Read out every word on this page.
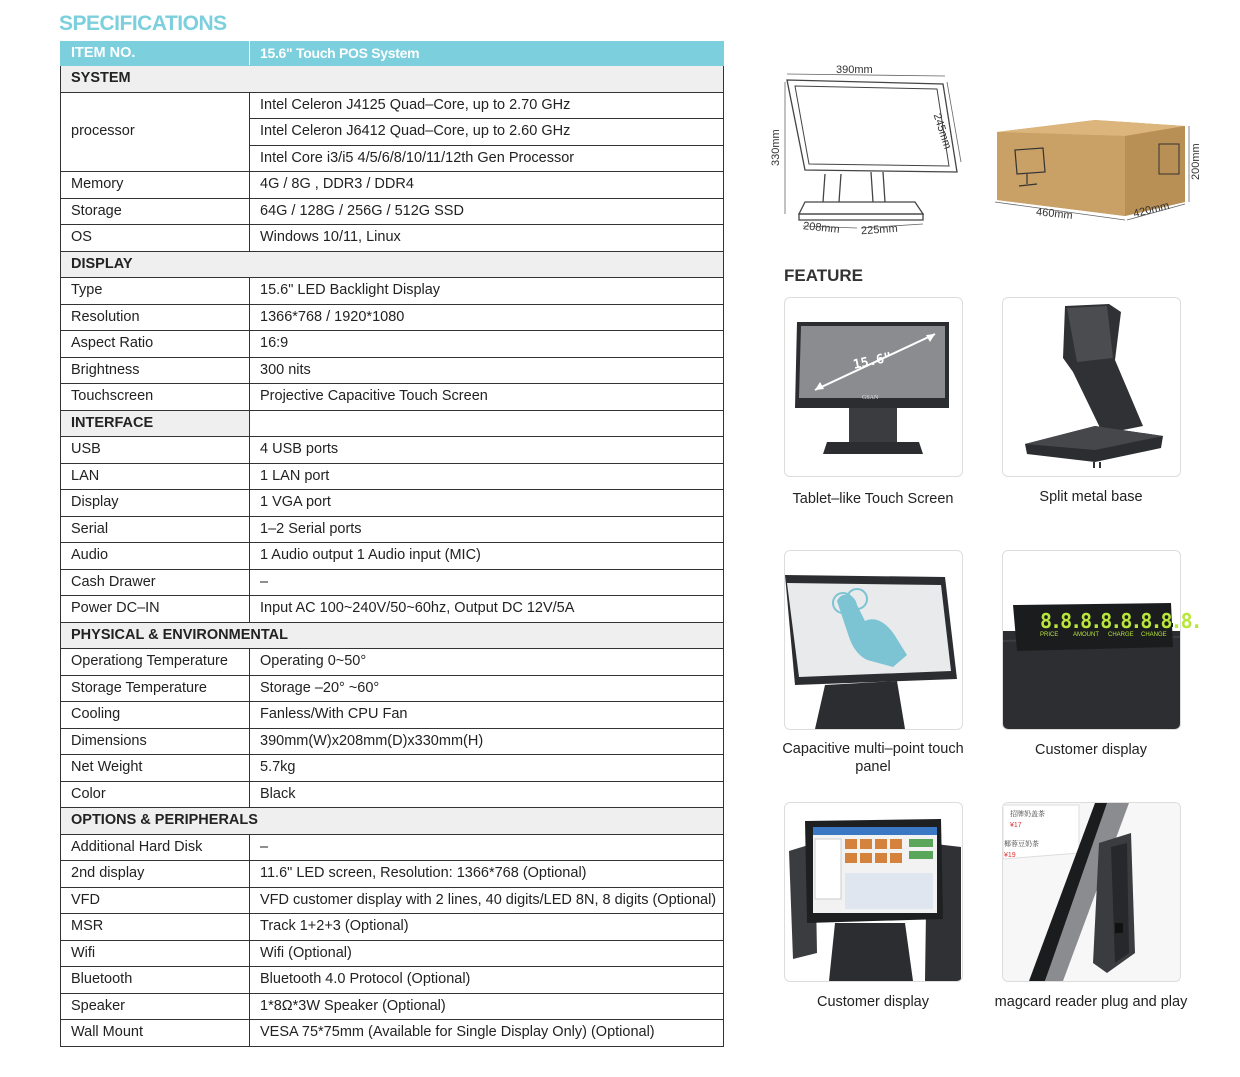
SPECIFICATIONS
ITEM NO.	15.6" Touch POS System
SYSTEM	
processor	Intel Celeron J4125 Quad–Core, up to 2.70 GHz
	Intel Celeron J6412 Quad–Core, up to 2.60 GHz
	Intel Core i3/i5 4/5/6/8/10/11/12th Gen Processor
Memory	4G / 8G , DDR3 / DDR4
Storage	64G / 128G / 256G / 512G SSD
OS	Windows 10/11, Linux
DISPLAY	
Type	15.6" LED Backlight Display
Resolution	1366*768 / 1920*1080
Aspect Ratio	16:9
Brightness	300 nits
Touchscreen	Projective Capacitive Touch Screen
INTERFACE	
USB	4 USB ports
LAN	1 LAN port
Display	1 VGA port
Serial	1–2 Serial ports
Audio	1 Audio output 1 Audio input (MIC)
Cash Drawer	–
Power DC–IN	Input AC 100~240V/50~60hz, Output DC 12V/5A
PHYSICAL & ENVIRONMENTAL	
Operationg Temperature	Operating 0~50°
Storage Temperature	Storage –20° ~60°
Cooling	Fanless/With CPU Fan
Dimensions	390mm(W)x208mm(D)x330mm(H)
Net Weight	5.7kg
Color	Black
OPTIONS & PERIPHERALS	
Additional Hard Disk	–
2nd display	11.6" LED screen, Resolution: 1366*768 (Optional)
VFD	VFD customer display with 2 lines, 40 digits/LED 8N, 8 digits (Optional)
MSR	Track 1+2+3 (Optional)
Wifi	Wifi (Optional)
Bluetooth	Bluetooth 4.0 Protocol (Optional)
Speaker	1*8Ω*3W Speaker (Optional)
Wall Mount	VESA 75*75mm (Available for Single Display Only) (Optional)
390mm
245mm
330mm
208mm 225mm
460mm	420mm
200mm
FEATURE
15.6"
GSAN
Tablet–like Touch Screen	Split metal base
Capacitive multi–point touch panel
8.8.8.8.8.8.8.8.
PRICE AMOUNT CHARGE CHANGE
Customer display
Customer display
招牌奶盖茶
¥17
椰蓉豆奶茶
¥19
magcard reader plug and play
